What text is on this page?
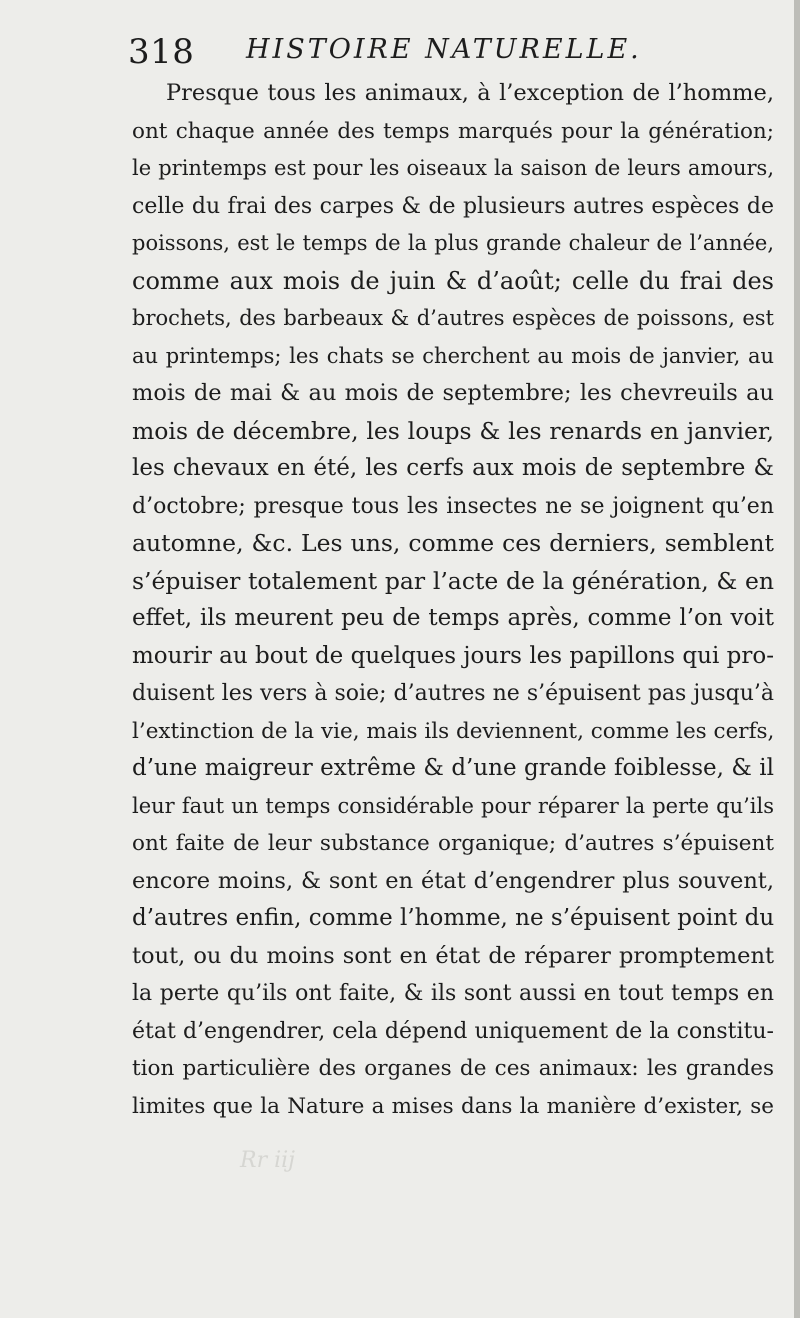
318 HISTOIRE NATURELLE.
Presque tous les animaux, à l’exception de l’homme,
ont chaque année des temps marqués pour la génération;
le printemps est pour les oiseaux la saison de leurs amours,
celle du frai des carpes & de plusieurs autres espèces de
poissons, est le temps de la plus grande chaleur de l’année,
comme aux mois de juin & d’août; celle du frai des
brochets, des barbeaux & d’autres espèces de poissons, est
au printemps; les chats se cherchent au mois de janvier, au
mois de mai & au mois de septembre; les chevreuils au
mois de décembre, les loups & les renards en janvier,
les chevaux en été, les cerfs aux mois de septembre &
d’octobre; presque tous les insectes ne se joignent qu’en
automne, &c. Les uns, comme ces derniers, semblent
s’épuiser totalement par l’acte de la génération, & en
effet, ils meurent peu de temps après, comme l’on voit
mourir au bout de quelques jours les papillons qui pro-
duisent les vers à soie; d’autres ne s’épuisent pas jusqu’à
l’extinction de la vie, mais ils deviennent, comme les cerfs,
d’une maigreur extrême & d’une grande foiblesse, & il
leur faut un temps considérable pour réparer la perte qu’ils
ont faite de leur substance organique; d’autres s’épuisent
encore moins, & sont en état d’engendrer plus souvent,
d’autres enfin, comme l’homme, ne s’épuisent point du
tout, ou du moins sont en état de réparer promptement
la perte qu’ils ont faite, & ils sont aussi en tout temps en
état d’engendrer, cela dépend uniquement de la constitu-
tion particulière des organes de ces animaux: les grandes
limites que la Nature a mises dans la manière d’exister, se
Rr iij
